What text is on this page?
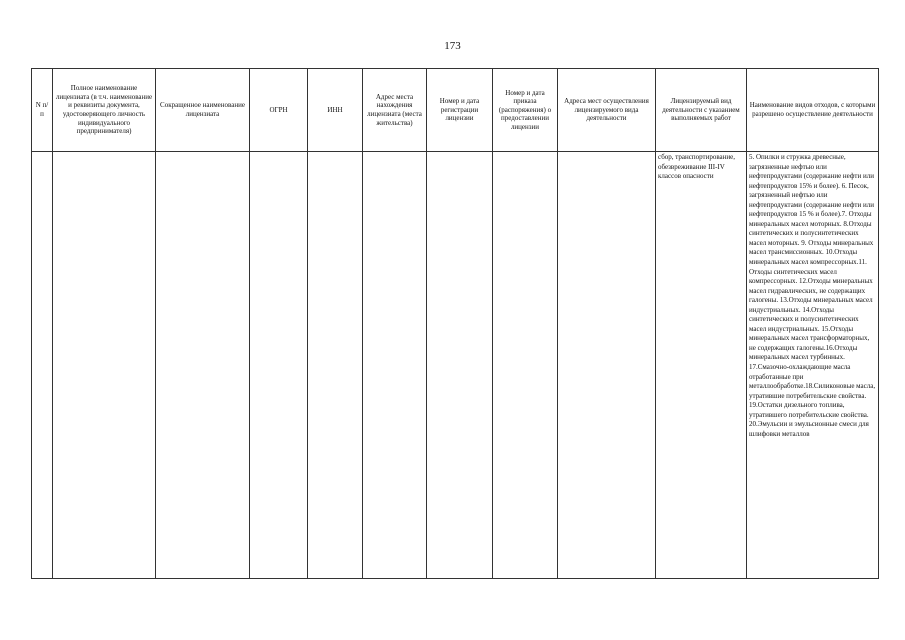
173
N п/п	Полное наименование лицензиата (в т.ч. наименование и реквизиты документа, удостоверяющего личность индивидуального предпринимателя)	Сокращенное наименование лицензиата	ОГРН	ИНН	Адрес места нахождения лицензиата (места жительства)	Номер и дата регистрации лицензии	Номер и дата приказа (распоряжения) о предоставлении лицензии	Адреса мест осуществления лицензируемого вида деятельности	Лицензируемый вид деятельности с указанием выполняемых работ	Наименование видов отходов, с которыми разрешено осуществление деятельности
									сбор, транспортирование, обезвреживание III-IV классов опасности	5. Опилки и стружка древесные, загрязненные нефтью или нефтепродуктами (содержание нефти или нефтепродуктов 15% и более). 6. Песок, загрязненный нефтью или нефтепродуктами (содержание нефти или нефтепродуктов 15 % и более).7. Отходы минеральных масел моторных. 8.Отходы синтетических и полусинтетических масел моторных. 9. Отходы минеральных масел трансмиссионных. 10.Отходы минеральных масел компрессорных.11. Отходы синтетических масел компрессорных. 12.Отходы минеральных масел гидравлических, не содержащих галогены. 13.Отходы минеральных масел индустриальных. 14.Отходы синтетических и полусинтетических масел индустриальных. 15.Отходы минеральных масел трансформаторных, не содержащих галогены.16.Отходы минеральных масел турбинных. 17.Смазочно-охлаждающие масла отработанные при металлообработке.18.Силиконовые масла, утратившие потребительские свойства. 19.Остатки дизельного топлива, утратившего потребительские свойства. 20.Эмульсии и эмульсионные смеси для шлифовки металлов
